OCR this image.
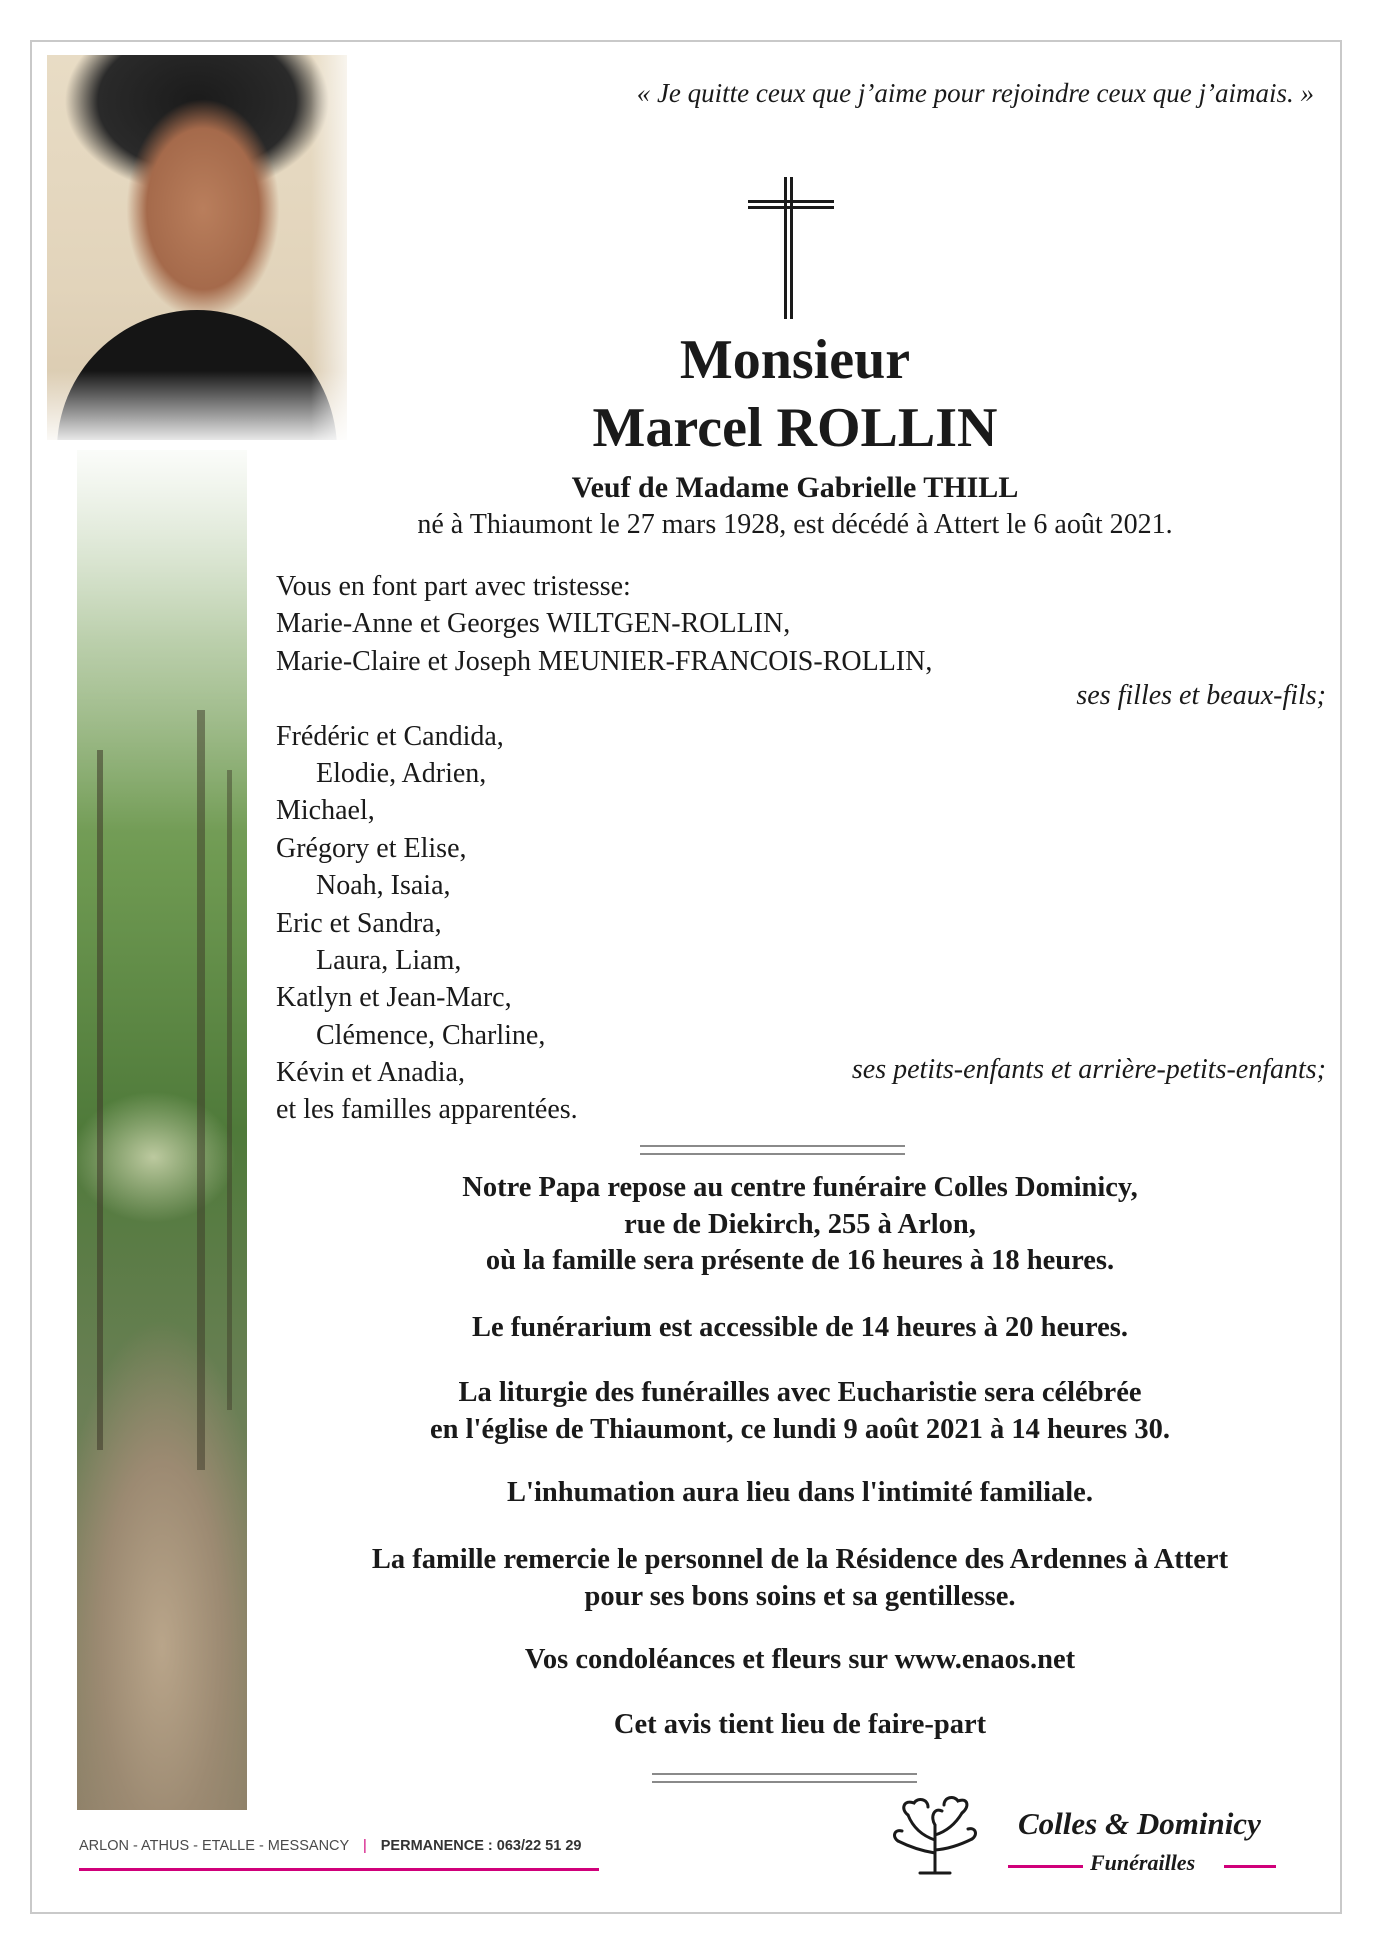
« Je quitte ceux que j’aime pour rejoindre ceux que j’aimais. »
Monsieur
Marcel ROLLIN
Veuf de Madame Gabrielle THILL
né à Thiaumont le 27 mars 1928, est décédé à Attert le 6 août 2021.
Vous en font part avec tristesse:
Marie-Anne et Georges WILTGEN-ROLLIN,
Marie-Claire et Joseph MEUNIER-FRANCOIS-ROLLIN,
Frédéric et Candida,
Elodie, Adrien,
Michael,
Grégory et Elise,
Noah, Isaia,
Eric et Sandra,
Laura, Liam,
Katlyn et Jean-Marc,
Clémence, Charline,
Kévin et Anadia,
et les familles apparentées.
ses filles et beaux-fils;
ses petits-enfants et arrière-petits-enfants;
Notre Papa repose au centre funéraire Colles Dominicy,
rue de Diekirch, 255 à Arlon,
où la famille sera présente de 16 heures à 18 heures.
Le funérarium est accessible de 14 heures à 20 heures.
La liturgie des funérailles avec Eucharistie sera célébrée
en l'église de Thiaumont, ce lundi 9 août 2021 à 14 heures 30.
L'inhumation aura lieu dans l'intimité familiale.
La famille remercie le personnel de la Résidence des Ardennes à Attert
pour ses bons soins et sa gentillesse.
Vos condoléances et fleurs sur www.enaos.net
Cet avis tient lieu de faire-part
ARLON - ATHUS - ETALLE - MESSANCY | PERMANENCE : 063/22 51 29
Colles & Dominicy
Funérailles
